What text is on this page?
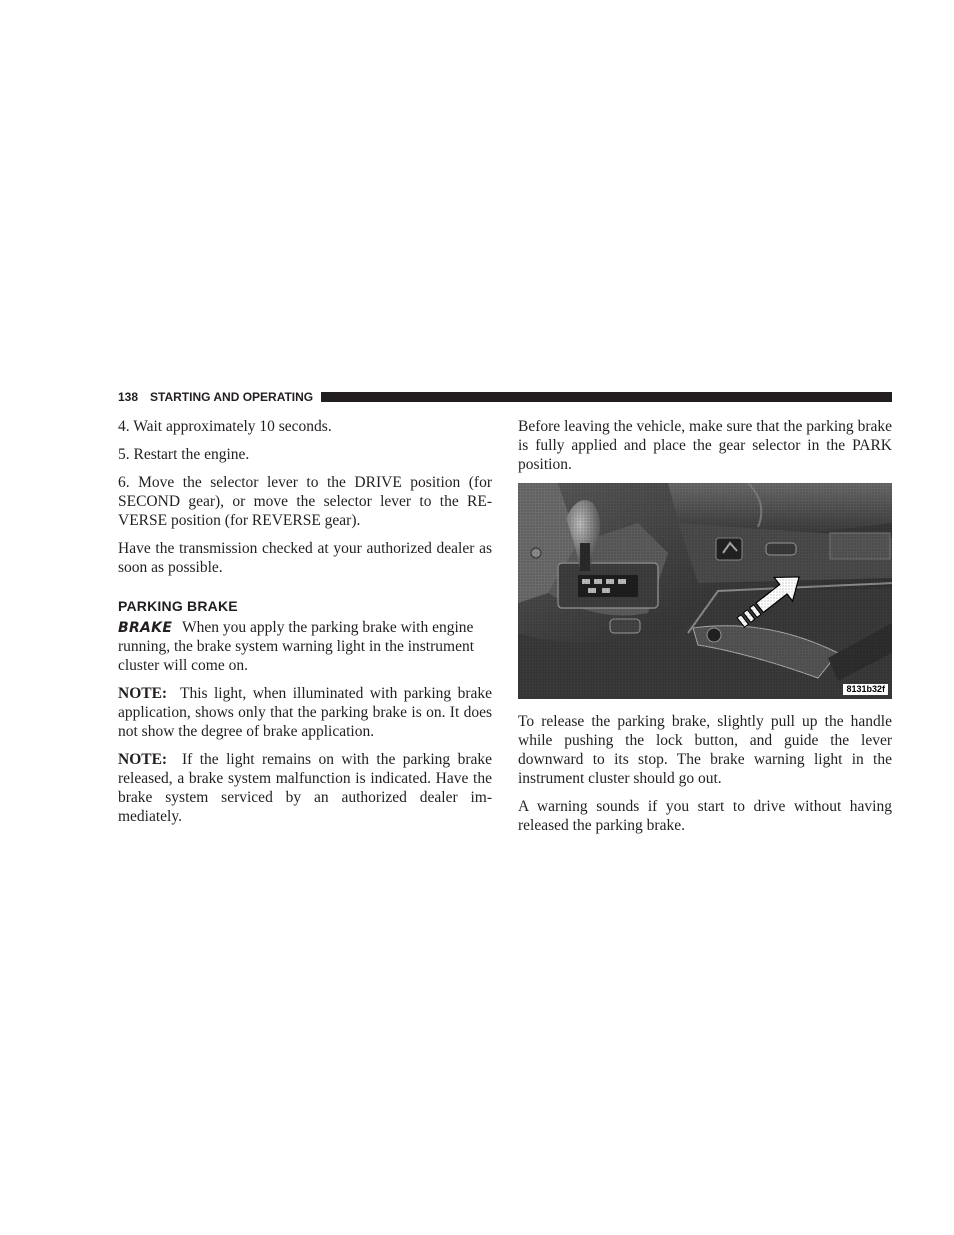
138 STARTING AND OPERATING

4. Wait approximately 10 seconds.

5. Restart the engine.

6. Move the selector lever to the DRIVE position (for SECOND gear), or move the selector lever to the RE- VERSE position (for REVERSE gear).

Have the transmission checked at your authorized dealer as soon as possible.

PARKING BRAKE
BRAKE When you apply the parking brake with engine running, the brake system warning light in the instrument cluster will come on.

NOTE: This light, when illuminated with parking brake application, shows only that the parking brake is on. It does not show the degree of brake application.

NOTE: If the light remains on with the parking brake released, a brake system malfunction is indicated. Have the brake system serviced by an authorized dealer im- mediately.

Before leaving the vehicle, make sure that the parking brake is fully applied and place the gear selector in the PARK position.

8131b32f

To release the parking brake, slightly pull up the handle while pushing the lock button, and guide the lever downward to its stop. The brake warning light in the instrument cluster should go out.

A warning sounds if you start to drive without having released the parking brake.
